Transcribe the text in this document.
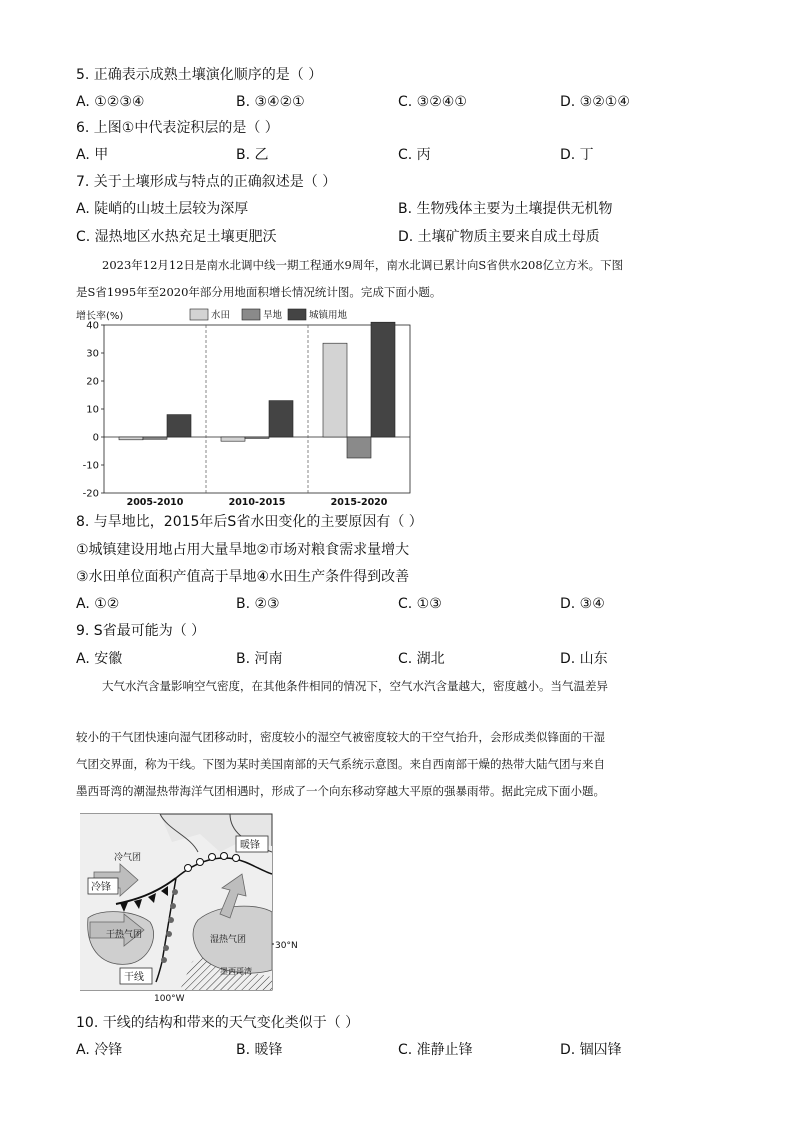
5. 正确表示成熟土壤演化顺序的是（ ）
A. ①②③④	B. ③④②①	C. ③②④①	D. ③②①④
6. 上图①中代表淀积层的是（ ）
A. 甲	B. 乙	C. 丙	D. 丁
7. 关于土壤形成与特点的正确叙述是（ ）
A. 陡峭的山坡土层较为深厚	B. 生物残体主要为土壤提供无机物
C. 湿热地区水热充足土壤更肥沃	D. 土壤矿物质主要来自成土母质
2023年12月12日是南水北调中线一期工程通水9周年，南水北调已累计向S省供水208亿立方米。下图
是S省1995年至2020年部分用地面积增长情况统计图。完成下面小题。
增长率(%)	水田	旱地	城镇用地
-20
-10
0
10
20
30
40
2005-2010	2010-2015	2015-2020
8. 与旱地比，2015年后S省水田变化的主要原因有（ ）
①城镇建设用地占用大量旱地②市场对粮食需求量增大
③水田单位面积产值高于旱地④水田生产条件得到改善
A. ①②	B. ②③	C. ①③	D. ③④
9. S省最可能为（ ）
A. 安徽	B. 河南	C. 湖北	D. 山东
大气水汽含量影响空气密度，在其他条件相同的情况下，空气水汽含量越大，密度越小。当气温差异
较小的干气团快速向湿气团移动时，密度较小的湿空气被密度较大的干空气抬升，会形成类似锋面的干湿
气团交界面，称为干线。下图为某时美国南部的天气系统示意图。来自西南部干燥的热带大陆气团与来自
墨西哥湾的潮湿热带海洋气团相遇时，形成了一个向东移动穿越大平原的强暴雨带。据此完成下面小题。
冷气团
冷锋
暖锋
干热气团	湿热气团
墨西哥湾
干线
30°N
100°W
10. 干线的结构和带来的天气变化类似于（ ）
A. 冷锋	B. 暖锋	C. 准静止锋	D. 锢囚锋
